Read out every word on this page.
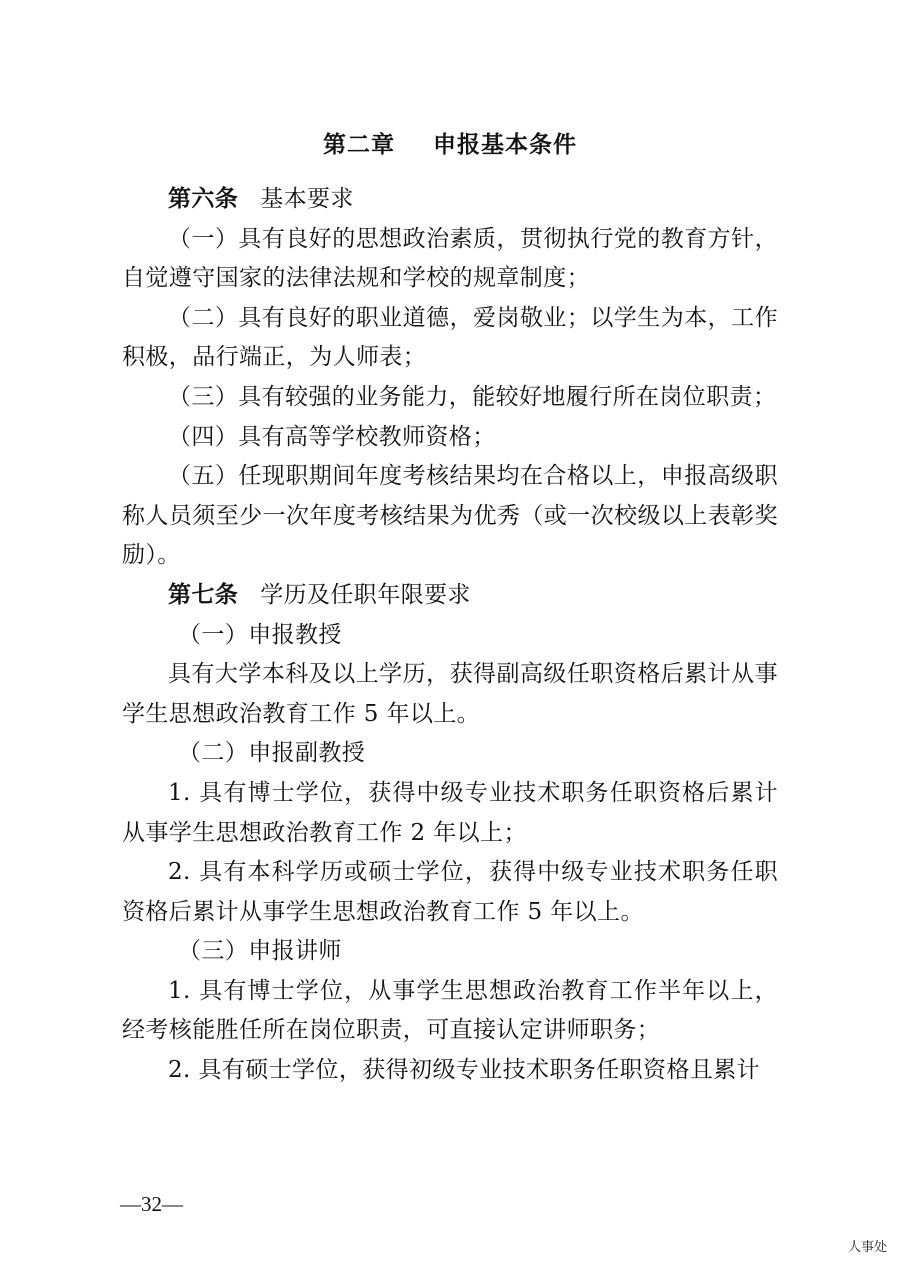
第二章 申报基本条件

第六条 基本要求

（一）具有良好的思想政治素质，贯彻执行党的教育方针，自觉遵守国家的法律法规和学校的规章制度；

（二）具有良好的职业道德，爱岗敬业；以学生为本，工作积极，品行端正，为人师表；

（三）具有较强的业务能力，能较好地履行所在岗位职责；

（四）具有高等学校教师资格；

（五）任现职期间年度考核结果均在合格以上，申报高级职称人员须至少一次年度考核结果为优秀（或一次校级以上表彰奖励）。

第七条 学历及任职年限要求

（一）申报教授

具有大学本科及以上学历，获得副高级任职资格后累计从事学生思想政治教育工作 5 年以上。

（二）申报副教授

1. 具有博士学位，获得中级专业技术职务任职资格后累计从事学生思想政治教育工作 2 年以上；

2. 具有本科学历或硕士学位，获得中级专业技术职务任职资格后累计从事学生思想政治教育工作 5 年以上。

（三）申报讲师

1. 具有博士学位，从事学生思想政治教育工作半年以上，经考核能胜任所在岗位职责，可直接认定讲师职务；

2. 具有硕士学位，获得初级专业技术职务任职资格且累计

—32—
人事处
